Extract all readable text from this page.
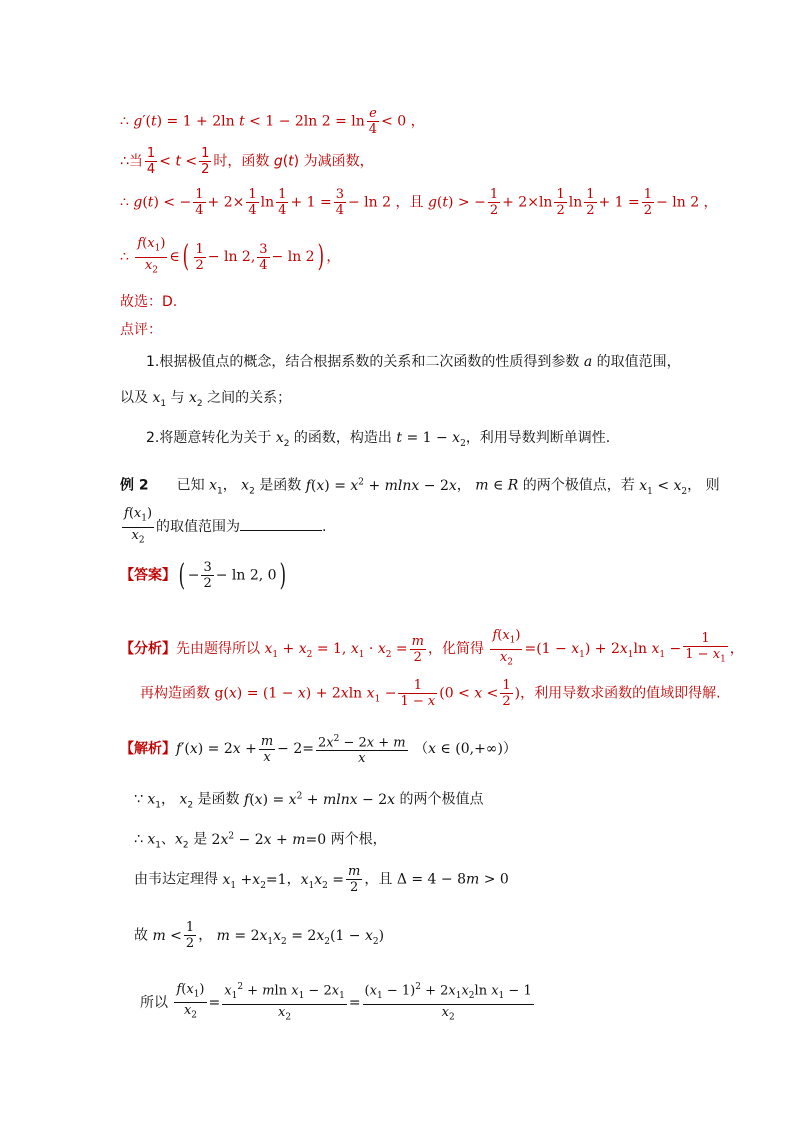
∴ g′(t) = 1 + 2ln t < 1 − 2ln $2 = \ln \frac{e}{4} < 0$ ，
∴当 $\frac{1}{4} < t < \frac{1}{2}$ 时，函数 g(t) 为减函数，
∴ g(t) < − $\frac{1}{4} + 2\times \frac{1}{4}$ $\ln \frac{1}{4} + 1 = \frac{3}{4} - \ln 2$ ，且 g(t) > − $\frac{1}{2} + 2\times\ln \frac{1}{2}$ $\ln \frac{1}{2} + 1 = \frac{1}{2} - \ln 2$ ，
∴ $\frac{f(x_1)}{x_2}$ ∈( $\frac{1}{2} - \ln 2$, $\frac{3}{4} - \ln 2$) ，
故选：D.
点评：
1.根据极值点的概念，结合根据系数的关系和二次函数的性质得到参数 a 的取值范围，
以及 $x_1$ 与 $x_2$ 之间的关系；
2.将题意转化为关于 $x_2$ 的函数，构造出 $t = 1 - x_2$，利用导数判断单调性.
例 2　　已知 $x_1$， $x_2$ 是函数 $f(x) = x^2 + mlnx - 2x$， m ∈ R 的两个极值点，若 $x_1 < x_2$， 则
$\frac{f(x_1)}{x_2}$ 的取值范围为	.
【答案】( − $\frac{3}{2} - \ln 2$, 0)
【分析】先由题得所以 $x_1 + x_2 = 1$, $x_1 \cdot x_2 = \frac{m}{2}$ ，化简得 $\frac{f(x_1)}{x_2} =(1 - x_1) + 2x_1\ln$ $x_1 - \frac{1}{1 - x_1}$ ，
再构造函数 g(x) = (1 − x) + 2xln $x_1 - \frac{1}{1 - x} (0 < x < \frac{1}{2}$ )，利用导数求函数的值域即得解.
【解析】$f'(x) = 2x + \frac{m}{x} - 2= \frac{2x^2 - 2x + m}{x} (x$ ∈ (0,+∞)）
∵ $x_1$， $x_2$ 是函数 $f(x) = x^2 + mlnx - 2x$ 的两个极值点
∴ $x_1$、$x_2$ 是 $2x^2 - 2x + m=0$ 两个根，
由韦达定理得 $x_1 +x_2=1$，$x_1x_2 = \frac{m}{2}$ ，且 Δ = 4 − 8m > 0
故 $m < \frac{1}{2}$ ， $m = 2x_1x_2 = 2x_2(1 - x_2)$
所以 $\frac{f(x_1)}{x_2} = \frac{x_1^2 + mln x_1 - 2x_1}{x_2} = \frac{(x_1 - 1)^2 + 2x_1x_2\ln x_1 - 1}{x_2}$
